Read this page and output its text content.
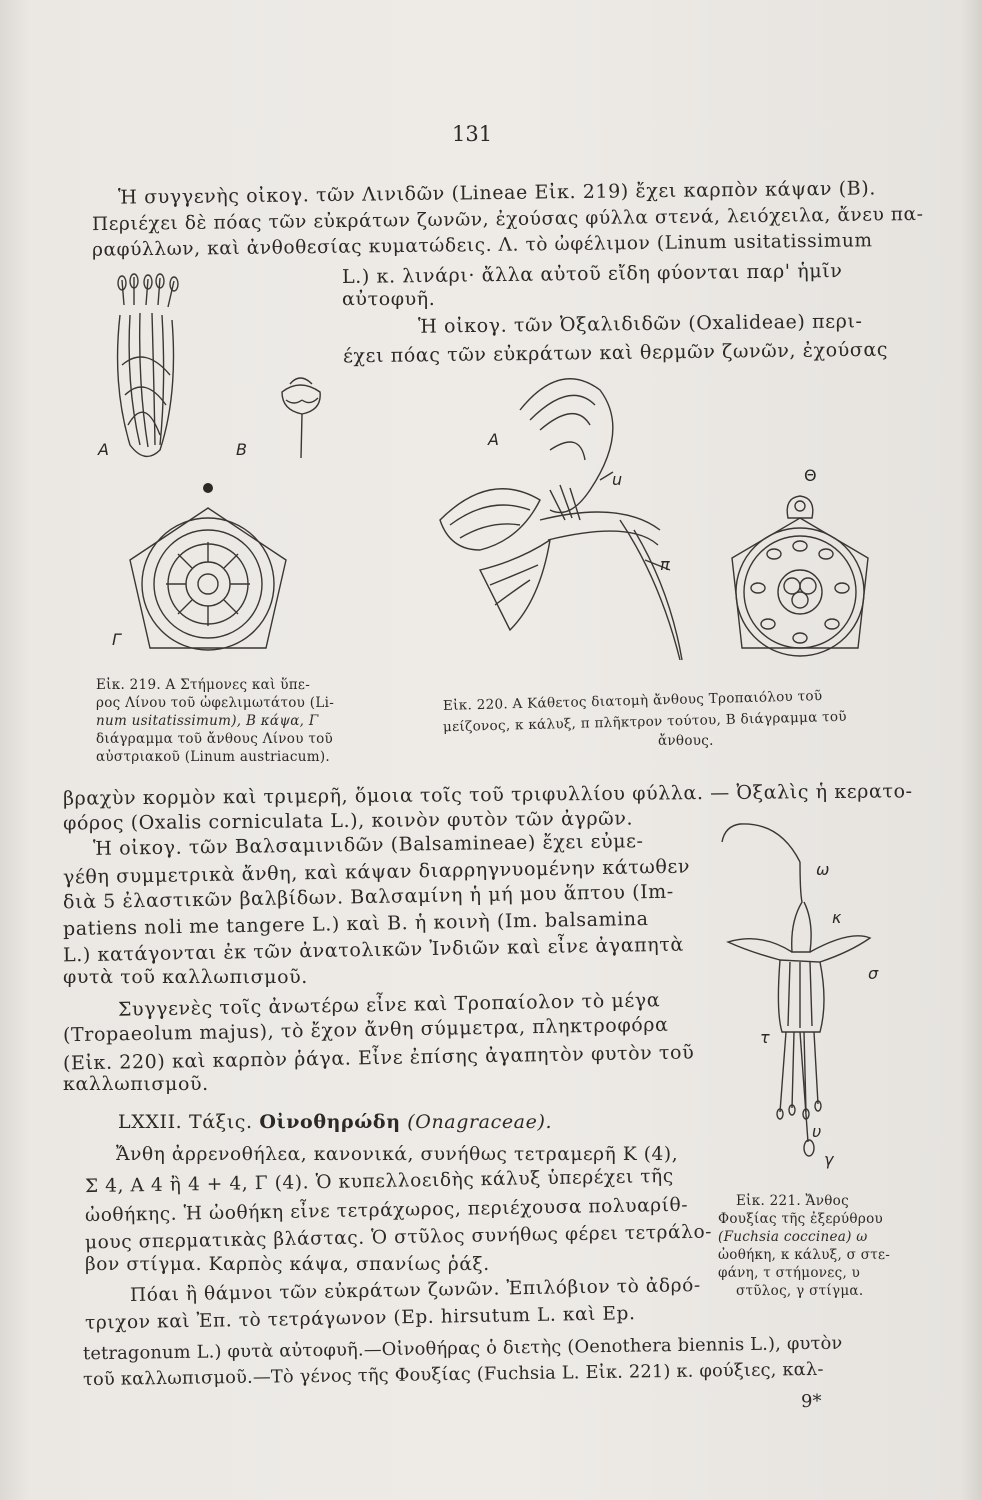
131
Ἡ συγγενὴς οἰκογ. τῶν Λινιδῶν (Lineae Εἰκ. 219) ἔχει καρπὸν κάψαν (Β).
Περιέχει δὲ πόας τῶν εὐκράτων ζωνῶν, ἐχούσας φύλλα στενά, λειόχειλα, ἄνευ πα-
ραφύλλων, καὶ ἀνθοθεσίας κυματώδεις. Λ. τὸ ὠφέλιμον (Linum usitatissimum
L.) κ. λινάρι· ἄλλα αὐτοῦ εἴδη φύονται παρ' ἡμῖν
αὐτοφυῆ.
Ἡ οἰκογ. τῶν Ὀξαλιδιδῶν (Oxalideae) περι-
έχει πόας τῶν εὐκράτων καὶ θερμῶν ζωνῶν, ἐχούσας
Α	Β
Γ
Εἰκ. 219. Α Στήμονες καὶ ὕπε-
ρος Λίνου τοῦ ὠφελιμωτάτου (Li-
num usitatissimum), Β κάψα, Γ
διάγραμμα τοῦ ἄνθους Λίνου τοῦ
αὐστριακοῦ (Linum austriacum).
Α
u
π
Θ
Εἰκ. 220. Α Κάθετος διατομὴ ἄνθους Τροπαιόλου τοῦ
μείζονος, κ κάλυξ, π πλῆκτρον τούτου, Β διάγραμμα τοῦ
ἄνθους.
βραχὺν κορμὸν καὶ τριμερῆ, ὅμοια τοῖς τοῦ τριφυλλίου φύλλα. — Ὀξαλὶς ἡ κερατο-
φόρος (Oxalis corniculata L.), κοινὸν φυτὸν τῶν ἀγρῶν.
Ἡ οἰκογ. τῶν Βαλσαμινιδῶν (Balsamineae) ἔχει εὐμε-
γέθη συμμετρικὰ ἄνθη, καὶ κάψαν διαρρηγνυομένην κάτωθεν
διὰ 5 ἐλαστικῶν βαλβίδων. Βαλσαμίνη ἡ μή μου ἅπτου (Im-
patiens noli me tangere L.) καὶ Β. ἡ κοινὴ (Im. balsamina
L.) κατάγονται ἐκ τῶν ἀνατολικῶν Ἰνδιῶν καὶ εἶνε ἀγαπητὰ
φυτὰ τοῦ καλλωπισμοῦ.
Συγγενὲς τοῖς ἀνωτέρω εἶνε καὶ Τροπαίολον τὸ μέγα
(Tropaeolum majus), τὸ ἔχον ἄνθη σύμμετρα, πληκτροφόρα
(Εἰκ. 220) καὶ καρπὸν ῥάγα. Εἶνε ἐπίσης ἀγαπητὸν φυτὸν τοῦ
καλλωπισμοῦ.
ω
κ
σ
τ
υ
γ
Εἰκ. 221. Ἄνθος
Φουξίας τῆς ἐξερύθρου
(Fuchsia coccinea) ω
ὠοθήκη, κ κάλυξ, σ στε-
φάνη, τ στήμονες, υ
στῦλος, γ στίγμα.
LXXII. Τάξις. Οἰνοθηρώδη (Onagraceae).
Ἄνθη ἀρρενοθήλεα, κανονικά, συνήθως τετραμερῆ Κ (4),
Σ 4, Α 4 ἢ 4 + 4, Γ (4). Ὁ κυπελλοειδὴς κάλυξ ὑπερέχει τῆς
ὠοθήκης. Ἡ ὠοθήκη εἶνε τετράχωρος, περιέχουσα πολυαρίθ-
μους σπερματικὰς βλάστας. Ὁ στῦλος συνήθως φέρει τετράλο-
βον στίγμα. Καρπὸς κάψα, σπανίως ῥάξ.
Πόαι ἢ θάμνοι τῶν εὐκράτων ζωνῶν. Ἐπιλόβιον τὸ ἀδρό-
τριχον καὶ Ἐπ. τὸ τετράγωνον (Ep. hirsutum L. καὶ Ep.
tetragonum L.) φυτὰ αὐτοφυῆ.—Οἰνοθήρας ὁ διετὴς (Oenothera biennis L.), φυτὸν
τοῦ καλλωπισμοῦ.—Τὸ γένος τῆς Φουξίας (Fuchsia L. Εἰκ. 221) κ. φούξιες, καλ-
9*
